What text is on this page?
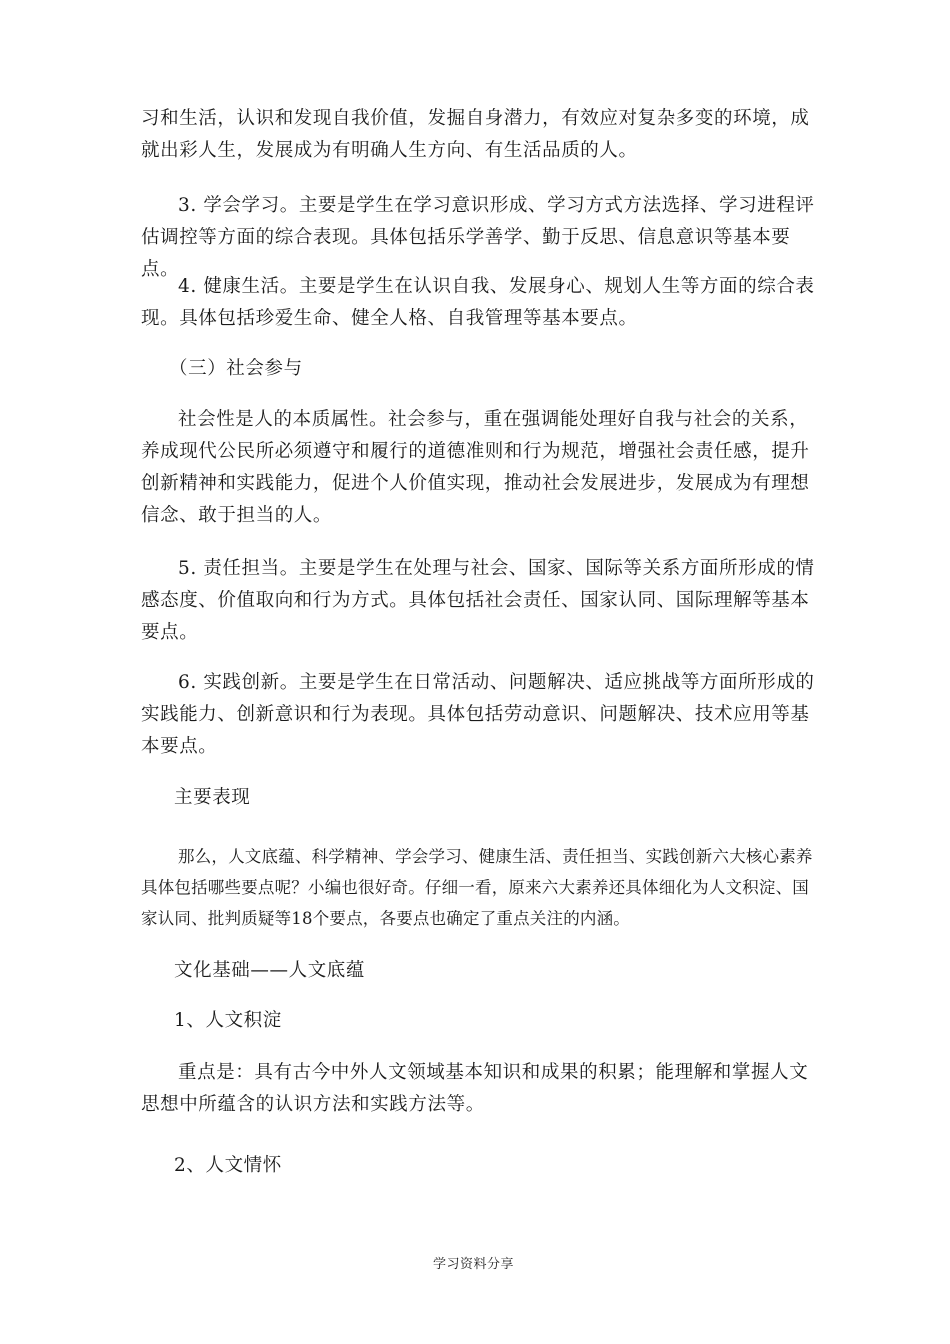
习和生活，认识和发现自我价值，发掘自身潜力，有效应对复杂多变的环境，成就出彩人生，发展成为有明确人生方向、有生活品质的人。

3. 学会学习。主要是学生在学习意识形成、学习方式方法选择、学习进程评估调控等方面的综合表现。具体包括乐学善学、勤于反思、信息意识等基本要点。

4. 健康生活。主要是学生在认识自我、发展身心、规划人生等方面的综合表现。具体包括珍爱生命、健全人格、自我管理等基本要点。

（三）社会参与

社会性是人的本质属性。社会参与，重在强调能处理好自我与社会的关系，

养成现代公民所必须遵守和履行的道德准则和行为规范，增强社会责任感，提升创新精神和实践能力，促进个人价值实现，推动社会发展进步，发展成为有理想信念、敢于担当的人。

5. 责任担当。主要是学生在处理与社会、国家、国际等关系方面所形成的情感态度、价值取向和行为方式。具体包括社会责任、国家认同、国际理解等基本要点。

6. 实践创新。主要是学生在日常活动、问题解决、适应挑战等方面所形成的实践能力、创新意识和行为表现。具体包括劳动意识、问题解决、技术应用等基本要点。

主要表现

那么，人文底蕴、科学精神、学会学习、健康生活、责任担当、实践创新六大核心素养具体包括哪些要点呢？小编也很好奇。仔细一看，原来六大素养还具体细化为人文积淀、国家认同、批判质疑等18个要点，各要点也确定了重点关注的内涵。

文化基础——人文底蕴

1、人文积淀

重点是：具有古今中外人文领域基本知识和成果的积累；能理解和掌握人文思想中所蕴含的认识方法和实践方法等。

2、人文情怀

学习资料分享
